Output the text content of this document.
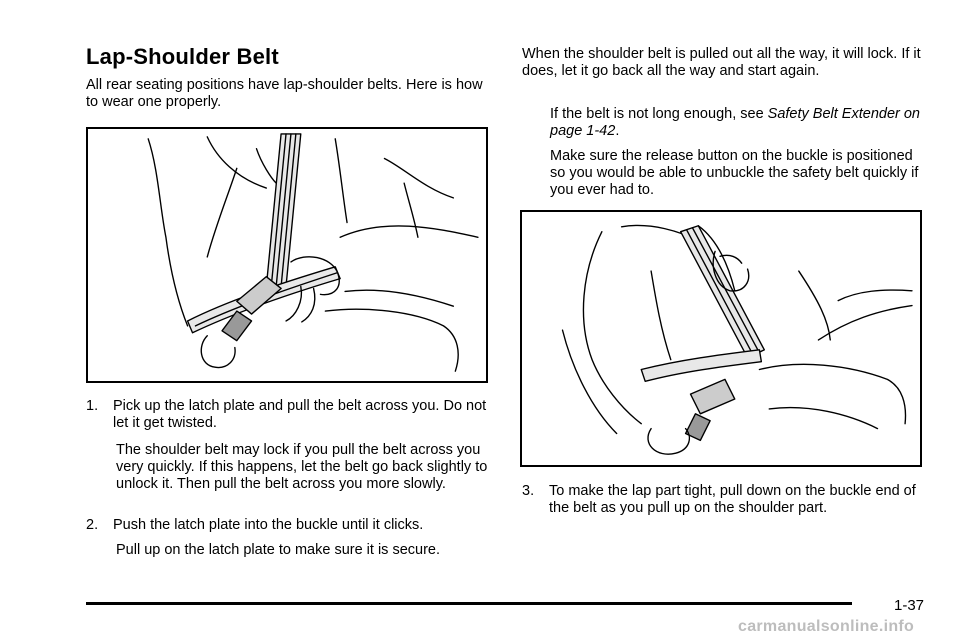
Lap-Shoulder Belt

All rear seating positions have lap-shoulder belts. Here is how to wear one properly.

1. Pick up the latch plate and pull the belt across you. Do not let it get twisted.

The shoulder belt may lock if you pull the belt across you very quickly. If this happens, let the belt go back slightly to unlock it. Then pull the belt across you more slowly.

2. Push the latch plate into the buckle until it clicks.

Pull up on the latch plate to make sure it is secure.

When the shoulder belt is pulled out all the way, it will lock. If it does, let it go back all the way and start again.

If the belt is not long enough, see Safety Belt Extender on page 1-42.

Make sure the release button on the buckle is positioned so you would be able to unbuckle the safety belt quickly if you ever had to.

3. To make the lap part tight, pull down on the buckle end of the belt as you pull up on the shoulder part.

1-37

carmanualsonline.info
